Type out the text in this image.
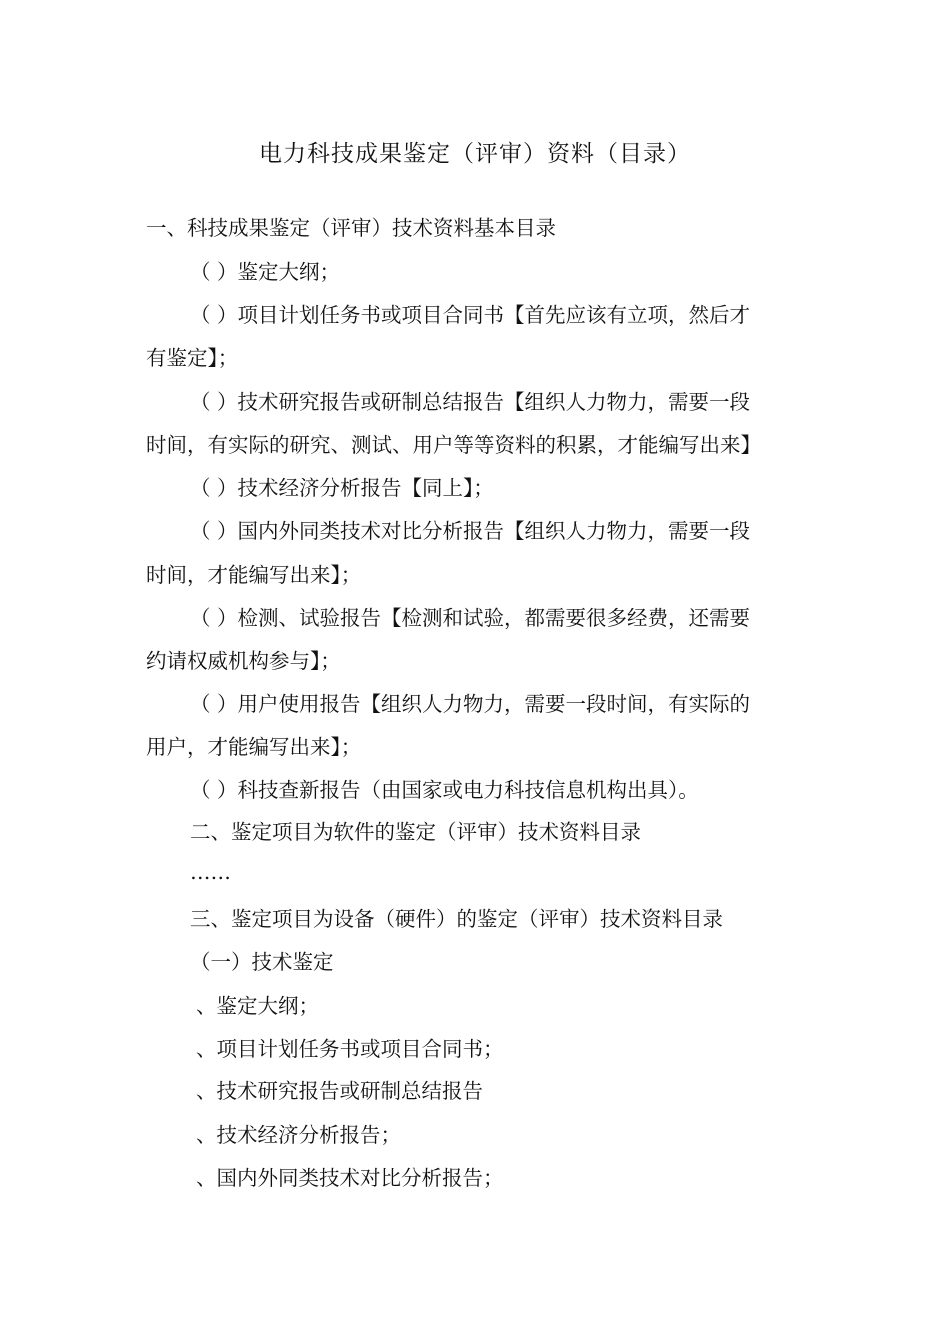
电力科技成果鉴定（评审）资料（目录）
一、科技成果鉴定（评审）技术资料基本目录
（ ）鉴定大纲；
（ ）项目计划任务书或项目合同书【首先应该有立项，然后才
有鉴定】；
（ ）技术研究报告或研制总结报告【组织人力物力，需要一段
时间，有实际的研究、测试、用户等等资料的积累，才能编写出来】
（ ）技术经济分析报告【同上】；
（ ）国内外同类技术对比分析报告【组织人力物力，需要一段
时间，才能编写出来】；
（ ）检测、试验报告【检测和试验，都需要很多经费，还需要
约请权威机构参与】；
（ ）用户使用报告【组织人力物力，需要一段时间，有实际的
用户，才能编写出来】；
（ ）科技查新报告（由国家或电力科技信息机构出具）。
二、鉴定项目为软件的鉴定（评审）技术资料目录
……
三、鉴定项目为设备（硬件）的鉴定（评审）技术资料目录
（一）技术鉴定
、鉴定大纲；
、项目计划任务书或项目合同书；
、技术研究报告或研制总结报告
、技术经济分析报告；
、国内外同类技术对比分析报告；
